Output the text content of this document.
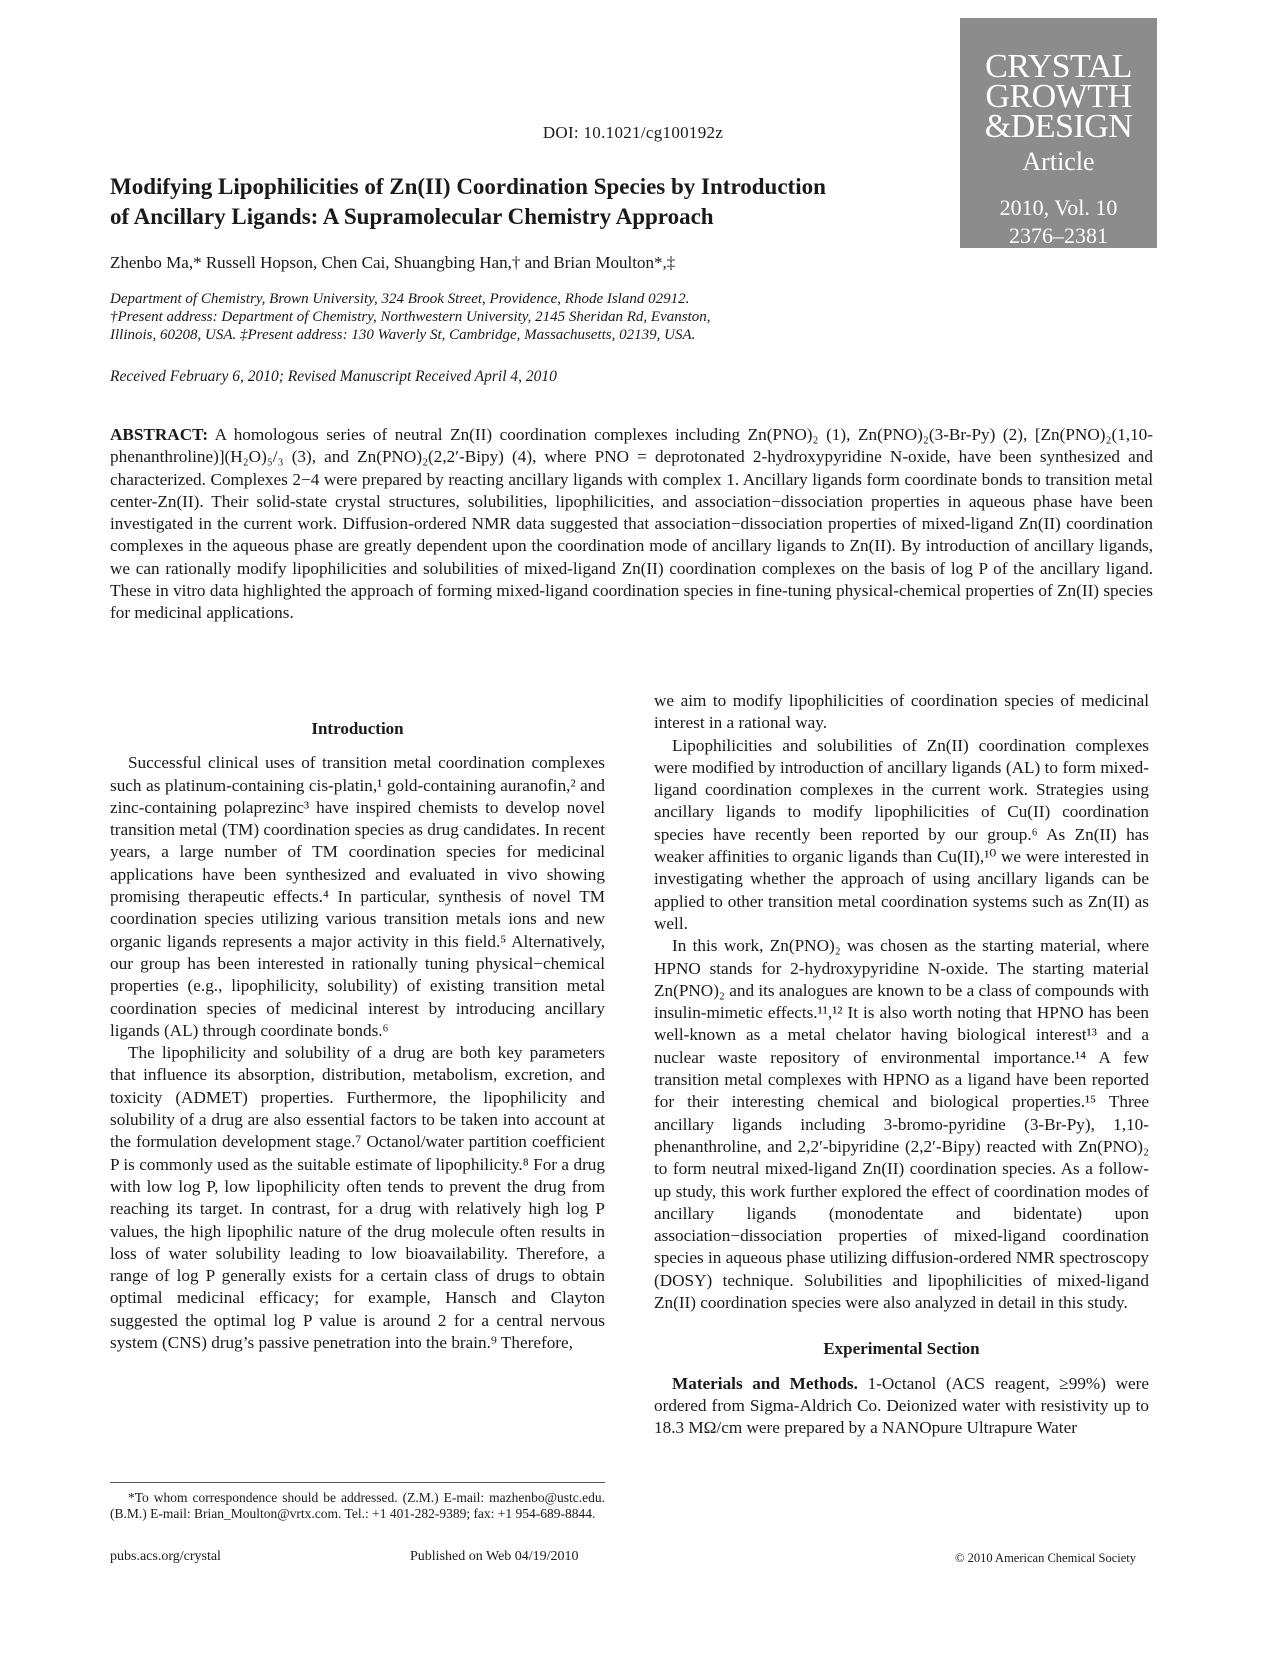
CRYSTAL
GROWTH
&DESIGN
Article
2010, Vol. 10
2376–2381
DOI: 10.1021/cg100192z
Modifying Lipophilicities of Zn(II) Coordination Species by Introduction
of Ancillary Ligands: A Supramolecular Chemistry Approach
Zhenbo Ma,* Russell Hopson, Chen Cai, Shuangbing Han,† and Brian Moulton*,‡
Department of Chemistry, Brown University, 324 Brook Street, Providence, Rhode Island 02912.
†Present address: Department of Chemistry, Northwestern University, 2145 Sheridan Rd, Evanston,
Illinois, 60208, USA. ‡Present address: 130 Waverly St, Cambridge, Massachusetts, 02139, USA.
Received February 6, 2010; Revised Manuscript Received April 4, 2010
ABSTRACT: A homologous series of neutral Zn(II) coordination complexes including Zn(PNO)₂ (1), Zn(PNO)₂(3-Br-Py) (2), [Zn(PNO)₂(1,10-phenanthroline)](H₂O)₅/₃ (3), and Zn(PNO)₂(2,2′-Bipy) (4), where PNO = deprotonated 2-hydroxypyridine N-oxide, have been synthesized and characterized. Complexes 2−4 were prepared by reacting ancillary ligands with complex 1. Ancillary ligands form coordinate bonds to transition metal center-Zn(II). Their solid-state crystal structures, solubilities, lipophilicities, and association−dissociation properties in aqueous phase have been investigated in the current work. Diffusion-ordered NMR data suggested that association−dissociation properties of mixed-ligand Zn(II) coordination complexes in the aqueous phase are greatly dependent upon the coordination mode of ancillary ligands to Zn(II). By introduction of ancillary ligands, we can rationally modify lipophilicities and solubilities of mixed-ligand Zn(II) coordination complexes on the basis of log P of the ancillary ligand. These in vitro data highlighted the approach of forming mixed-ligand coordination species in fine-tuning physical-chemical properties of Zn(II) species for medicinal applications.
Introduction

Successful clinical uses of transition metal coordination complexes such as platinum-containing cis-platin,¹ gold-containing auranofin,² and zinc-containing polaprezinc³ have inspired chemists to develop novel transition metal (TM) coordination species as drug candidates. In recent years, a large number of TM coordination species for medicinal applications have been synthesized and evaluated in vivo showing promising therapeutic effects.⁴ In particular, synthesis of novel TM coordination species utilizing various transition metals ions and new organic ligands represents a major activity in this field.⁵ Alternatively, our group has been interested in rationally tuning physical−chemical properties (e.g., lipophilicity, solubility) of existing transition metal coordination species of medicinal interest by introducing ancillary ligands (AL) through coordinate bonds.⁶

The lipophilicity and solubility of a drug are both key parameters that influence its absorption, distribution, metabolism, excretion, and toxicity (ADMET) properties. Furthermore, the lipophilicity and solubility of a drug are also essential factors to be taken into account at the formulation development stage.⁷ Octanol/water partition coefficient P is commonly used as the suitable estimate of lipophilicity.⁸ For a drug with low log P, low lipophilicity often tends to prevent the drug from reaching its target. In contrast, for a drug with relatively high log P values, the high lipophilic nature of the drug molecule often results in loss of water solubility leading to low bioavailability. Therefore, a range of log P generally exists for a certain class of drugs to obtain optimal medicinal efficacy; for example, Hansch and Clayton suggested the optimal log P value is around 2 for a central nervous system (CNS) drug’s passive penetration into the brain.⁹ Therefore,

we aim to modify lipophilicities of coordination species of medicinal interest in a rational way.

Lipophilicities and solubilities of Zn(II) coordination complexes were modified by introduction of ancillary ligands (AL) to form mixed-ligand coordination complexes in the current work. Strategies using ancillary ligands to modify lipophilicities of Cu(II) coordination species have recently been reported by our group.⁶ As Zn(II) has weaker affinities to organic ligands than Cu(II),¹⁰ we were interested in investigating whether the approach of using ancillary ligands can be applied to other transition metal coordination systems such as Zn(II) as well.

In this work, Zn(PNO)₂ was chosen as the starting material, where HPNO stands for 2-hydroxypyridine N-oxide. The starting material Zn(PNO)₂ and its analogues are known to be a class of compounds with insulin-mimetic effects.¹¹,¹² It is also worth noting that HPNO has been well-known as a metal chelator having biological interest¹³ and a nuclear waste repository of environmental importance.¹⁴ A few transition metal complexes with HPNO as a ligand have been reported for their interesting chemical and biological properties.¹⁵ Three ancillary ligands including 3-bromo-pyridine (3-Br-Py), 1,10-phenanthroline, and 2,2′-bipyridine (2,2′-Bipy) reacted with Zn(PNO)₂ to form neutral mixed-ligand Zn(II) coordination species. As a follow-up study, this work further explored the effect of coordination modes of ancillary ligands (monodentate and bidentate) upon association−dissociation properties of mixed-ligand coordination species in aqueous phase utilizing diffusion-ordered NMR spectroscopy (DOSY) technique. Solubilities and lipophilicities of mixed-ligand Zn(II) coordination species were also analyzed in detail in this study.

Experimental Section

Materials and Methods. 1-Octanol (ACS reagent, ≥99%) were ordered from Sigma-Aldrich Co. Deionized water with resistivity up to 18.3 MΩ/cm were prepared by a NANOpure Ultrapure Water

*To whom correspondence should be addressed. (Z.M.) E-mail: mazhenbo@ustc.edu. (B.M.) E-mail: Brian_Moulton@vrtx.com. Tel.: +1 401-282-9389; fax: +1 954-689-8844.
pubs.acs.org/crystal	Published on Web 04/19/2010	© 2010 American Chemical Society
